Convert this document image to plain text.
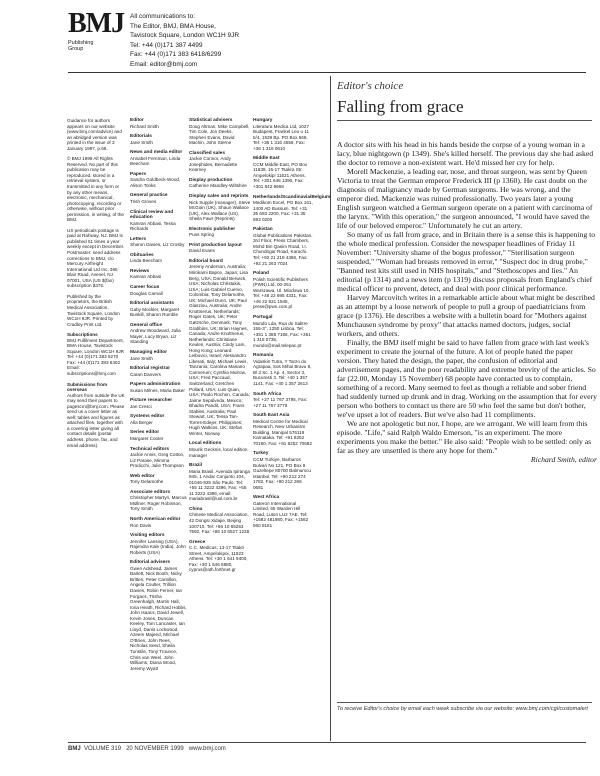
BMJ
Publishing
Group
All communications to:
The Editor, BMJ, BMA House,
Tavistock Square, London WC1H 9JR
Tel: +44 (0)171 387 4499
Fax: +44 (0)171 383 6418/6299
Email: editor@bmj.com

Guidance for authors appears on our website (www.bmj.com/advice) and an abridged version was printed in the issue of 3 January 1997, p.66.

© BMJ 1999 All Rights Reserved. No part of this publication may be reproduced, stored in a retrieval system, or transmitted in any form or by any other means, electronic, mechanical, photocopying, recording or otherwise, without prior permission, in writing, of the BMJ.

US periodicals postage is paid at Rahway, NJ. BMJ is published 51 times a year weekly except in December. Postmaster: send address corrections to BMJ, c/o Mercury Airfreight International Ltd Inc, 365 Blair Road, Avenel, NJ 07001, USA (US $(fax) subscription $376.

Published by the proprietors, the British Medical Association, Tavistock Square, London WC1H 9JR. Printed by Cradley Print Ltd.

Subscriptions

BMJ Fulfilment Department, BMA House, Tavistock Square, London WC1H 9JR Tel: +44 (0)171 383 6270 Fax: +44 (0)171 383 6402 Email: subscriptions@bmj.com

Submissions from overseas

Authors from outside the UK may send their papers to pagescm@bmj.com. Please send us a cover letter as well; tables and figures as attached files, together with a covering letter giving all contact details (postal address, phone, fax, and email address).

Editor

Richard Smith

Editorials

Jane Smith

News and media editor

Annabel Ferriman, Linda Beecham

Papers

Sandra Goldbeck-Wood, Alison Tonks

General practice

Trish Groves

Clinical review and education

Kamran Abbasi, Tessa Richards

Letters

Sharon Davies, Liz Crosby

Obituaries

Linda Beecham

Reviews

Kamran Abbasi

Career focus

Douglas Carnall

Editorial assistants

Gaby Mockler, Margaret Bunkill, Sharon Rumble

General office

Andrew Woodward, Julia Mayer, Lucy Bryan, Liz Standing

Managing editor

Jane Smith

Editorial registrar

Caran Danvers

Papers administration

Susan Milnes, Maria Baker

Picture researcher

Jan Cresci

Systems editor

Alla Berger

Series editor

Margaret Cooter

Technical editors

Jackie Annis, Greg Cotton, Liz Parase, Mimma Prodicchi, Julie Thompson

Web editor

Tony Delamothe

Associate editors

Christopher Martyn, Marcus Müllner, Roger Robinson, Tony Smith

North American editor

Ron Davis

Visiting editors

Jennifer Lansing (USA), Rajendra Kale (India), John Roberts (USA)

Editorial advisers

Gwen Adshead, James Barlett, Nick Booth, Nicky Britten, Peter Cantillon, Angela Coulter, Trillion Davies, Robin Ferner, Ian Forgacs, Trisha Greenhalgh, Martin Hall, Iona Heath, Richard Hobbs, John Isaacs, David Jewell, Kevin Jones, Duncan Keeley, Tom Lancaster, Ian Lloyd, Danis Lockwood, Azeem Majeed, Michael O'Brien, John Rees, Nicholas Seed, Sheila Tunstile, Tony Trounce, Chris van Weel, John Williams, Diana Wood, Jeremy Wyatt

Statistical advisers

Doug Altman, Mike Campbell, Tim Cole, Jon Deeks, Stephen Evans, David Machin, John Sterne

Classified sales

Jackie Connor, Andy Josephides, Bernadette Kearney

Display production

Catherine Mandley-Wiltshire

Display sales and reprints

Nick Supple (manager), Steve McGoin (UK), Shaun Wallace (UK), Alex Wallace (US), Sheila Fawr (Reprints)

Electronic publisher

Puns Spring

Print production layout

David Evans

Editorial board

Jeremy Anderson, Australia; Mirokami Bapce, Japan; Lisa Berg, USA; Donald Berwick, USA; Nicholas Christakis, USA; Luis-Gabriel Cuervo, Colombia; Tony Delamothe, UK; Michael Dunn, UK; Paul Glasziou, Australia; Andre Knottnerus, Netherlands; Roger Gates, UK; Peter Gøtzsche, Denmark; Tony Grabbins, UK; Brian Haynes, Canada; Andre Knottnerus, Netherlands; Christiane Keulen, Austria; Cindy Lam, Hong Kong; Leonard Leibovici, Israel; Alessandro Liberati, Italy; Michael Lewis, Tanzania; Carolina Mariano Carmerum; Cynthia Mulrow, USA; Fred Paccaud, Switzerland; Gretchen Pollard, USA; Luis Quan, USA; Paolo Rochon, Canada; Jaime Sepúlveda, Mexico; Bhadra Pandit, USA; Frans Stables, Australia; Paul Stewart, UK; Tessa Tan-Torres-Edejer, Philippines; Hugh Watkins, UK; Stefan Winter, Norway

Local editions

Mourik Gecknis, local edition manager

Brazil

Maria Brasil, Avenida Ipiranga 945, 1 Andar Conjunto 104, 01046-925 São Paulo. Tel: +55 11 3222 4396, Fax: +55 11 3222 4396, email: mariabrasil@uol.com.br

China

Chinese Medical Association, 42 Dongsi Xidajie, Beijing 100710. Tel: +86 10 65253 7592, Fax: +86 10 6527 1238

Greece

C.C. Medicus, 13-17 Tsakri Street, Ampelokipoi, 11523 Athens. Tel: +30 1 641 9400, Fax: +30 1 646 5880, cyprus@ath.forthnet.gr

Hungary

Literatura Medica Ltd, 1027 Budapest, Frankel Leo u 11 II/4, 1539 Bp. PO Box 568. Tel: +36 1 316 4556, Fax: +36 1 316 0610

Middle East

CCM Middle East, PO Box 11639, 15-17 Tsakra Str, Ampelokipi 11521 Athens. Tel: +301 646 1390, Fax: +301 642 9668

Netherlands/Scandinavia/Belgium

Medikom Excel, PO Box 161, 1400 AD Bussum. Tel: +31 35 693 2200, Fax: +31 35 693 0200

Pakistan

Global Publications Pakistan, 3rd Floor, Press Chambers, Mohd Bin Qasim Road, I.I. Chundrigar Road, Karachi. Tel: +92 21 219 4386, Fax: +92 21 263 7024

Poland

Polish Scientific Publishers (PWN) Ltd, 00-251 Warszawa, Ul. Miodowa 10. Tel: +48 22 695 4331, Fax: +48 22 831 1845, press@pwn.com.pl

Portugal

Mundo Lda, Rua do Salitre 155-3°, 1250 Lisboa. Tel: +351 1 385 7166, Fax: +351 1 315 0735, mundo@mail.telepac.pt

Romania

Vidaskin Tutra, Y Tarzo do Agrapaa, Sos Mihai Bravu 8, Bl 3 Sc. 1 Ap. 4, Sector 3, Bucuresti 3. Tel: +40 1 357 1141, Fax: +40 1 357 2613

South Africa

Tel: +27 11 767 3795, Fax: +27 11 767 3778

South East Asia

Medical Centre for Medical Research, New Urbanism Building, Manipal 576119 Karnataka. Tel: +91 8252 70180, Fax: +91 8252 70682

Turkey

CCM Turkiye, Barbaros Bulvari No 121, PO Box 9 Guzeltepe 80700 Balmumcu Istanbul. Tel: +90 212 274 1782, Fax: +90 212 266 0681

West Africa

Gateron International Limited, 65 Warden Hill Road, Luton LU2 7AE. Tel: +1582 481980, Fax: +1582 560 8181

Editor's choice
Falling from grace

A doctor sits with his head in his hands beside the corpse of a young woman in a lacy, blue nightgown (p 1349). She's killed herself. The previous day she had asked the doctor to remove a non-existent wart. He'd missed her cry for help.

Morell Mackenzie, a leading ear, nose, and throat surgeon, was sent by Queen Victoria to treat the German emperor Frederick III (p 1360). He cast doubt on the diagnosis of malignancy made by German surgeons. He was wrong, and the emperor died. Mackenzie was ruined professionally. Two years later a young English surgeon watched a German surgeon operate on a patient with carcinoma of the larynx. "With this operation," the surgeon announced, "I would have saved the life of our beloved emperor." Unfortunately he cut an artery.

So many of us fall from grace, and in Britain there is a sense this is happening to the whole medical profession. Consider the newspaper headlines of Friday 11 November: "University shame of the bogus professor," "Sterilisation surgeon suspended," "Woman had breasts removed in error," "Suspect doc in drug probe," "Banned test kits still used in NHS hospitals," and "Stethoscopes and lies." An editorial (p 1314) and a news item (p 1319) discuss proposals from England's chief medical officer to prevent, detect, and deal with poor clinical performance.

Harvey Marcovitch writes in a remarkable article about what might be described as an attempt by a loose network of people to pull a group of paediatricians from grace (p 1376). He describes a website with a bulletin board for "Mothers against Munchausen syndrome by proxy" that attacks named doctors, judges, social workers, and others.

Finally, the BMJ itself might be said to have fallen from grace with last week's experiment to create the journal of the future. A lot of people hated the paper version. They hated the design, the paper, the confusion of editorial and advertisement pages, and the poor readability and extreme brevity of the articles. So far (22.00, Monday 15 November) 68 people have contacted us to complain, something of a record. Many seemed to feel as though a reliable and sober friend had suddenly turned up drunk and in drag. Working on the assumption that for every person who bothers to contact us there are 50 who feel the same but don't bother, we've upset a lot of readers. But we've also had 11 compliments.

We are not apologetic but nor, I hope, are we arrogant. We will learn from this episode. "Life," said Ralph Waldo Emerson, "is an experiment. The more experiments you make the better." He also said: "People wish to be settled: only as far as they are unsettled is there any hope for them."

Richard Smith, editor

To receive Editor's choice by email each week subscribe via our website: www.bmj.com/cgi/customalert
BMJ VOLUME 319 20 NOVEMBER 1999 www.bmj.com
